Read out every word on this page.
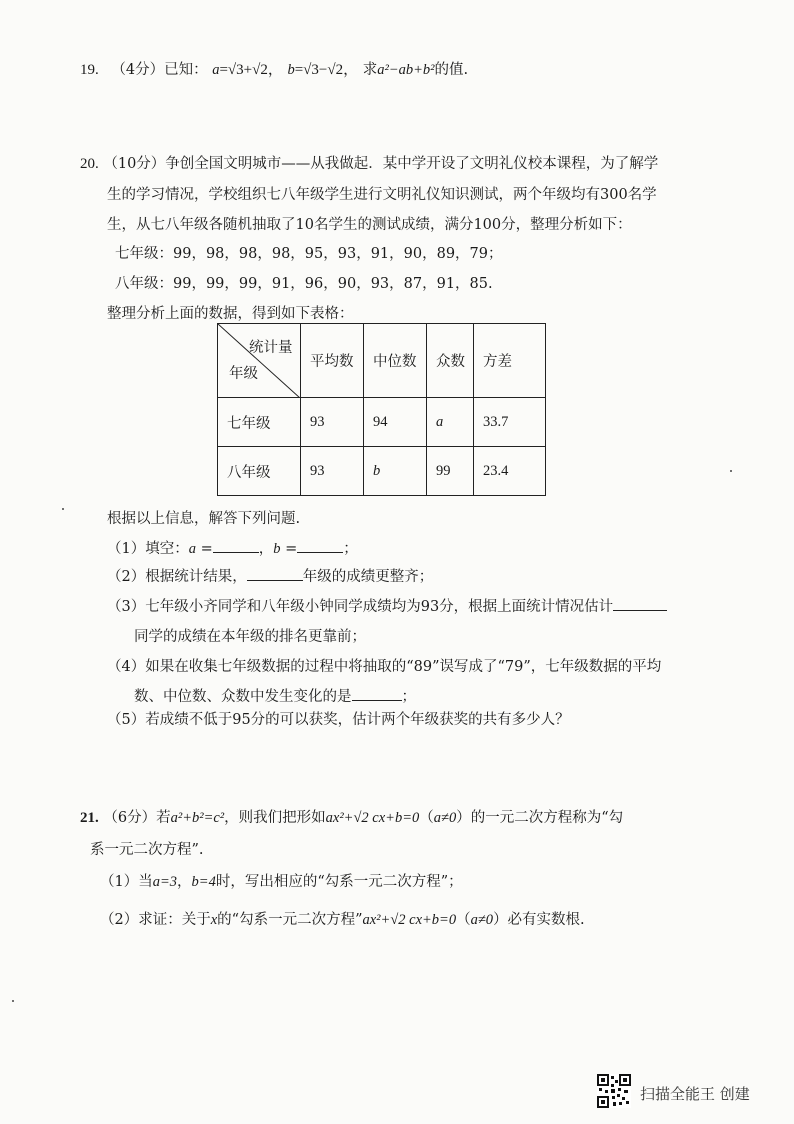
19. （4分）已知： a=√3+√2， b=√3−√2， 求a²−ab+b²的值.
20. （10分）争创全国文明城市——从我做起．某中学开设了文明礼仪校本课程，为了解学
生的学习情况，学校组织七八年级学生进行文明礼仪知识测试，两个年级均有300名学
生，从七八年级各随机抽取了10名学生的测试成绩，满分100分，整理分析如下：
七年级：99，98，98，98，95，93，91，90，89，79；
八年级：99，99，99，91，96，90，93，87，91，85.
整理分析上面的数据，得到如下表格：
统计量
年级	平均数	中位数	众数	方差
七年级	93	94	a	33.7
八年级	93	b	99	23.4
根据以上信息，解答下列问题.
（1）填空：a =	，b =	；
（2）根据统计结果，	年级的成绩更整齐；
（3）七年级小齐同学和八年级小钟同学成绩均为93分，根据上面统计情况估计
同学的成绩在本年级的排名更靠前；
（4）如果在收集七年级数据的过程中将抽取的“89”误写成了“79”，七年级数据的平均
数、中位数、众数中发生变化的是	；
（5）若成绩不低于95分的可以获奖，估计两个年级获奖的共有多少人？
21. （6分）若a²+b²=c²，则我们把形如ax²+√2 cx+b=0（a≠0）的一元二次方程称为“勾
系一元二次方程”.
（1）当a=3，b=4时，写出相应的“勾系一元二次方程”；
（2）求证：关于x的“勾系一元二次方程”ax²+√2 cx+b=0（a≠0）必有实数根.
扫描全能王 创建
